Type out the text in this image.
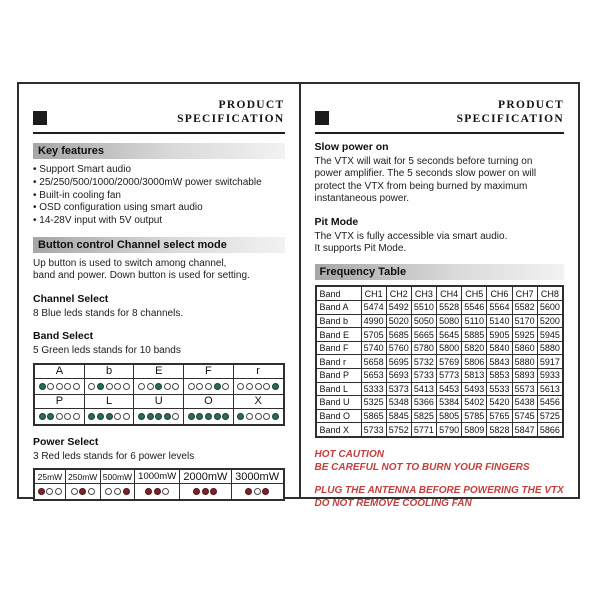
PRODUCT
SPECIFICATION
Key features
• Support Smart audio
• 25/250/500/1000/2000/3000mW power switchable
• Built-in cooling fan
• OSD configuration using smart audio
• 14-28V input with 5V output
Button control Channel select mode

Up button is used to switch among channel,
band and power. Down button is used for setting.

Channel Select

8 Blue leds stands for 8 channels.

Band Select

5 Green leds stands for 10 bands

A	b	E	F	r

P	L	U	O	X

Power Select

3 Red leds stands for 6 power levels

25mW	250mW	500mW	1000mW	2000mW	3000mW

PRODUCT
SPECIFICATION
Slow power on

The VTX will wait for 5 seconds before turning on
power amplifier. The 5 seconds slow power on will
protect the VTX from being burned by maximum
instantaneous power.

Pit Mode

The VTX is fully accessible via smart audio.
It supports Pit Mode.

Frequency Table
Band	CH1	CH2	CH3	CH4	CH5	CH6	CH7	CH8
Band A	5474	5492	5510	5528	5546	5564	5582	5600
Band b	4990	5020	5050	5080	5110	5140	5170	5200
Band E	5705	5685	5665	5645	5885	5905	5925	5945
Band F	5740	5760	5780	5800	5820	5840	5860	5880
Band r	5658	5695	5732	5769	5806	5843	5880	5917
Band P	5653	5693	5733	5773	5813	5853	5893	5933
Band L	5333	5373	5413	5453	5493	5533	5573	5613
Band U	5325	5348	5366	5384	5402	5420	5438	5456
Band O	5865	5845	5825	5805	5785	5765	5745	5725
Band X	5733	5752	5771	5790	5809	5828	5847	5866
HOT CAUTION
BE CAREFUL NOT TO BURN YOUR FINGERS
PLUG THE ANTENNA BEFORE POWERING THE VTX
DO NOT REMOVE COOLING FAN
